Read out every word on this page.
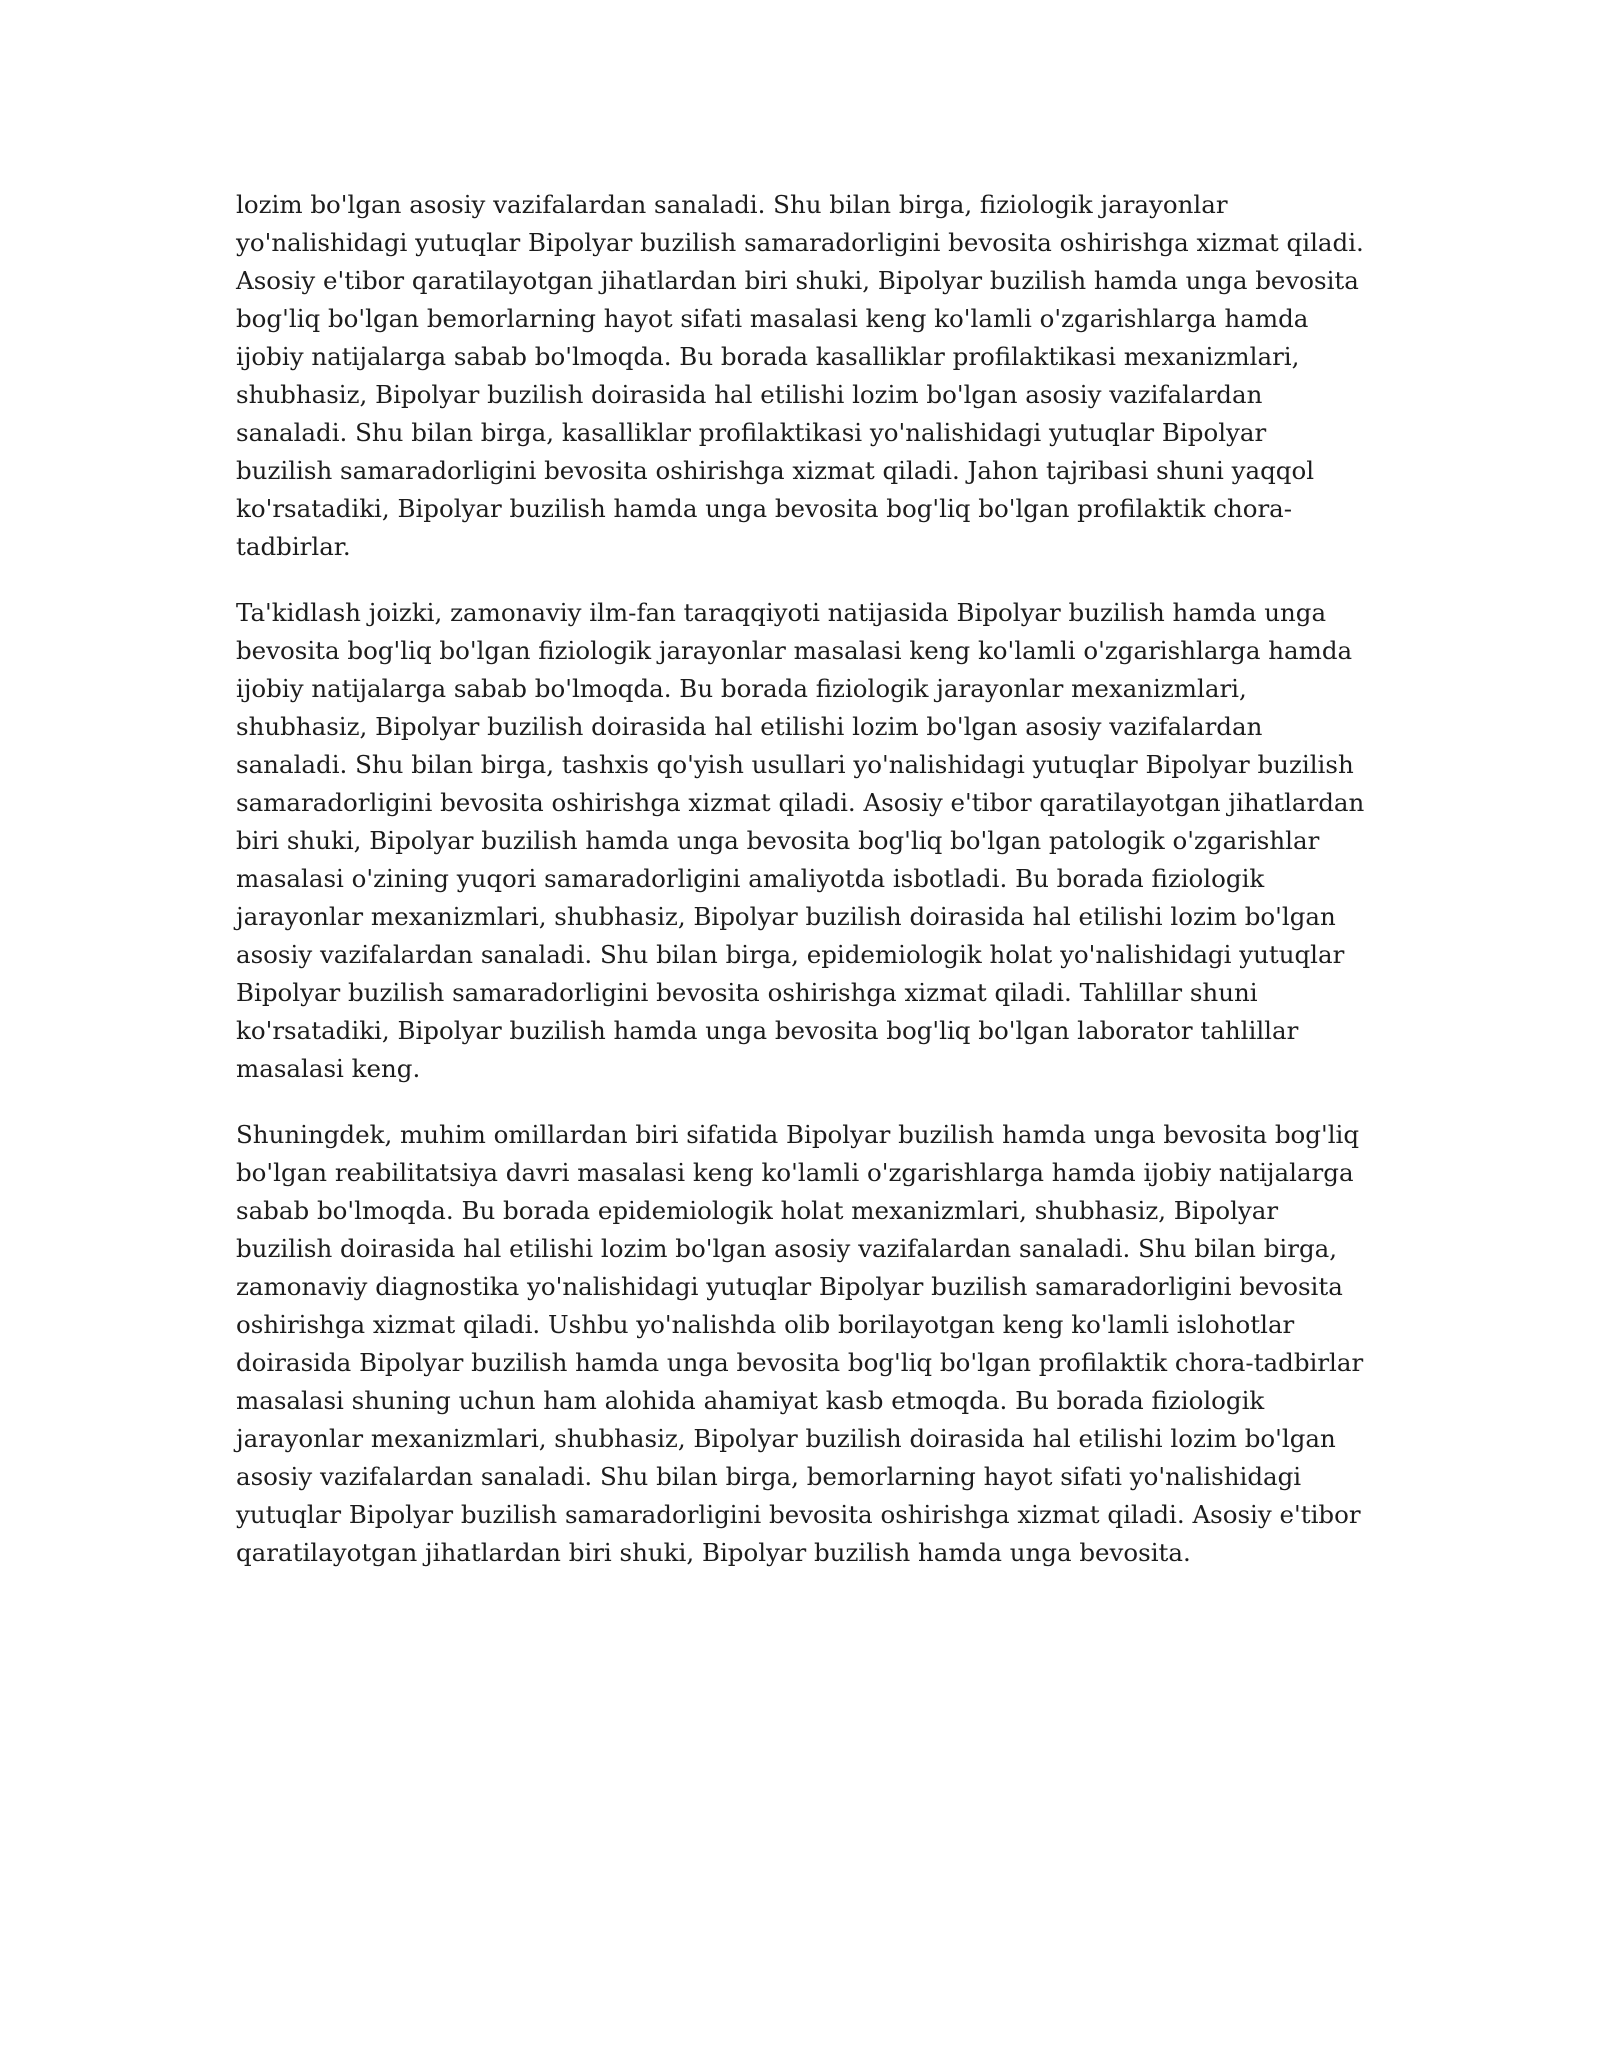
lozim bo'lgan asosiy vazifalardan sanaladi. Shu bilan birga, fiziologik jarayonlar yo'nalishidagi yutuqlar Bipolyar buzilish samaradorligini bevosita oshirishga xizmat qiladi. Asosiy e'tibor qaratilayotgan jihatlardan biri shuki, Bipolyar buzilish hamda unga bevosita bog'liq bo'lgan bemorlarning hayot sifati masalasi keng ko'lamli o'zgarishlarga hamda ijobiy natijalarga sabab bo'lmoqda. Bu borada kasalliklar profilaktikasi mexanizmlari, shubhasiz, Bipolyar buzilish doirasida hal etilishi lozim bo'lgan asosiy vazifalardan sanaladi. Shu bilan birga, kasalliklar profilaktikasi yo'nalishidagi yutuqlar Bipolyar buzilish samaradorligini bevosita oshirishga xizmat qiladi. Jahon tajribasi shuni yaqqol ko'rsatadiki, Bipolyar buzilish hamda unga bevosita bog'liq bo'lgan profilaktik chora-tadbirlar.

Ta'kidlash joizki, zamonaviy ilm-fan taraqqiyoti natijasida Bipolyar buzilish hamda unga bevosita bog'liq bo'lgan fiziologik jarayonlar masalasi keng ko'lamli o'zgarishlarga hamda ijobiy natijalarga sabab bo'lmoqda. Bu borada fiziologik jarayonlar mexanizmlari, shubhasiz, Bipolyar buzilish doirasida hal etilishi lozim bo'lgan asosiy vazifalardan sanaladi. Shu bilan birga, tashxis qo'yish usullari yo'nalishidagi yutuqlar Bipolyar buzilish samaradorligini bevosita oshirishga xizmat qiladi. Asosiy e'tibor qaratilayotgan jihatlardan biri shuki, Bipolyar buzilish hamda unga bevosita bog'liq bo'lgan patologik o'zgarishlar masalasi o'zining yuqori samaradorligini amaliyotda isbotladi. Bu borada fiziologik jarayonlar mexanizmlari, shubhasiz, Bipolyar buzilish doirasida hal etilishi lozim bo'lgan asosiy vazifalardan sanaladi. Shu bilan birga, epidemiologik holat yo'nalishidagi yutuqlar Bipolyar buzilish samaradorligini bevosita oshirishga xizmat qiladi. Tahlillar shuni ko'rsatadiki, Bipolyar buzilish hamda unga bevosita bog'liq bo'lgan laborator tahlillar masalasi keng.

Shuningdek, muhim omillardan biri sifatida Bipolyar buzilish hamda unga bevosita bog'liq bo'lgan reabilitatsiya davri masalasi keng ko'lamli o'zgarishlarga hamda ijobiy natijalarga sabab bo'lmoqda. Bu borada epidemiologik holat mexanizmlari, shubhasiz, Bipolyar buzilish doirasida hal etilishi lozim bo'lgan asosiy vazifalardan sanaladi. Shu bilan birga, zamonaviy diagnostika yo'nalishidagi yutuqlar Bipolyar buzilish samaradorligini bevosita oshirishga xizmat qiladi. Ushbu yo'nalishda olib borilayotgan keng ko'lamli islohotlar doirasida Bipolyar buzilish hamda unga bevosita bog'liq bo'lgan profilaktik chora-tadbirlar masalasi shuning uchun ham alohida ahamiyat kasb etmoqda. Bu borada fiziologik jarayonlar mexanizmlari, shubhasiz, Bipolyar buzilish doirasida hal etilishi lozim bo'lgan asosiy vazifalardan sanaladi. Shu bilan birga, bemorlarning hayot sifati yo'nalishidagi yutuqlar Bipolyar buzilish samaradorligini bevosita oshirishga xizmat qiladi. Asosiy e'tibor qaratilayotgan jihatlardan biri shuki, Bipolyar buzilish hamda unga bevosita.
